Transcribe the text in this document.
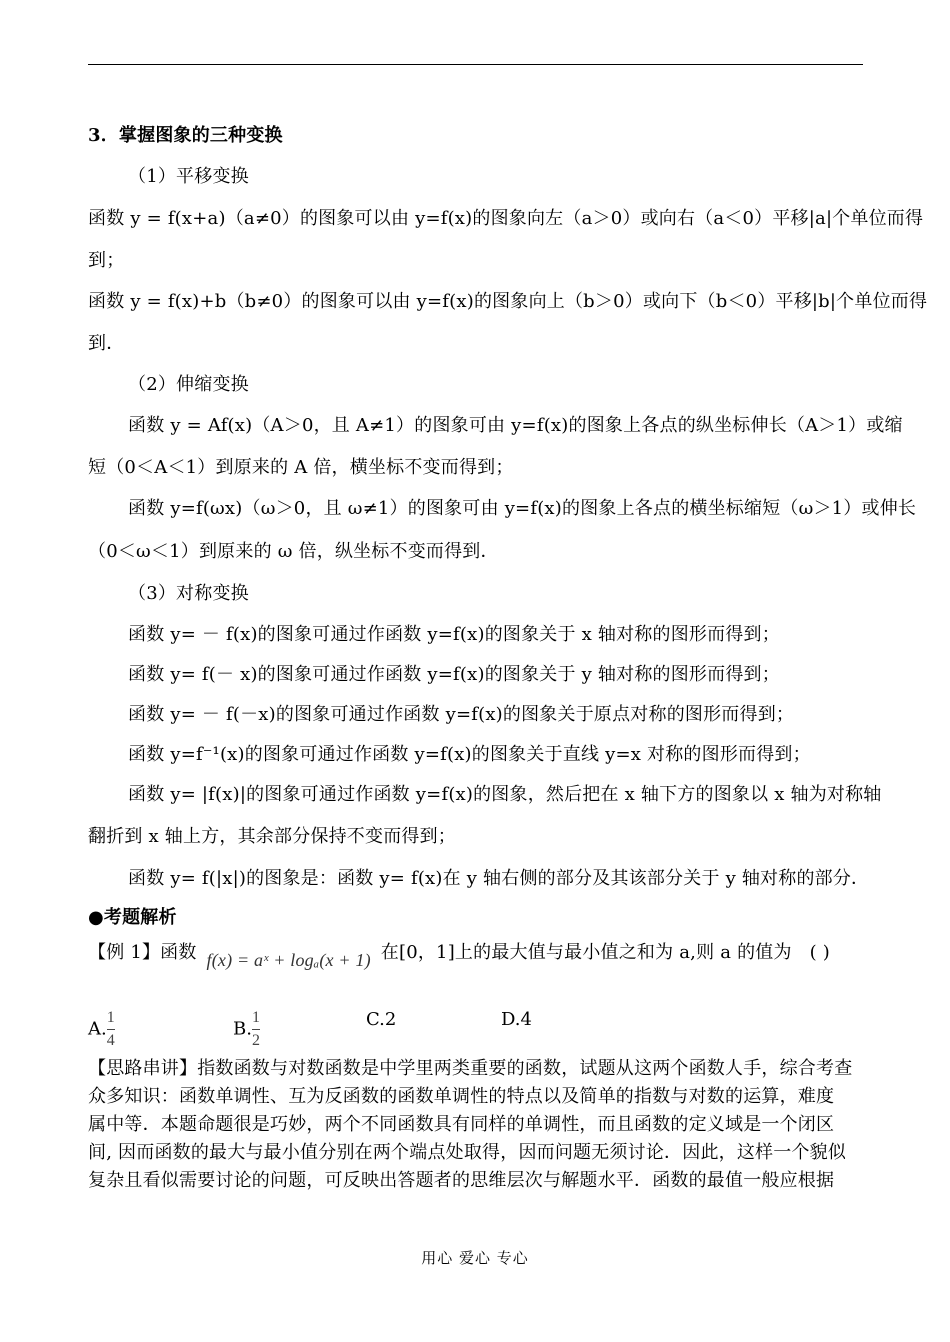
3．掌握图象的三种变换
（1）平移变换
函数 y = f(x+a)（a≠0）的图象可以由 y=f(x)的图象向左（a＞0）或向右（a＜0）平移|a|个单位而得
到；
函数 y = f(x)+b（b≠0）的图象可以由 y=f(x)的图象向上（b＞0）或向下（b＜0）平移|b|个单位而得
到．
（2）伸缩变换
函数 y = Af(x)（A＞0，且 A≠1）的图象可由 y=f(x)的图象上各点的纵坐标伸长（A＞1）或缩
短（0＜A＜1）到原来的 A 倍，横坐标不变而得到；
函数 y=f(ωx)（ω＞0，且 ω≠1）的图象可由 y=f(x)的图象上各点的横坐标缩短（ω＞1）或伸长
（0＜ω＜1）到原来的 ω 倍，纵坐标不变而得到．
（3）对称变换
函数 y= － f(x)的图象可通过作函数 y=f(x)的图象关于 x 轴对称的图形而得到；
函数 y= f(－ x)的图象可通过作函数 y=f(x)的图象关于 y 轴对称的图形而得到；
函数 y= － f(－x)的图象可通过作函数 y=f(x)的图象关于原点对称的图形而得到；
函数 y=f⁻¹(x)的图象可通过作函数 y=f(x)的图象关于直线 y=x 对称的图形而得到；
函数 y= |f(x)|的图象可通过作函数 y=f(x)的图象，然后把在 x 轴下方的图象以 x 轴为对称轴
翻折到 x 轴上方，其余部分保持不变而得到；
函数 y= f(|x|)的图象是：函数 y= f(x)在 y 轴右侧的部分及其该部分关于 y 轴对称的部分．
●考题解析
【例 1】函数 f(x) = aˣ + logₐ(x + 1) 在[0，1]上的最大值与最小值之和为 a,则 a 的值为 ( )
A. $\frac{1}{4}$	B. $\frac{1}{2}$	C.2	D.4
【思路串讲】指数函数与对数函数是中学里两类重要的函数，试题从这两个函数人手，综合考查
众多知识：函数单调性、互为反函数的函数单调性的特点以及简单的指数与对数的运算，难度
属中等．本题命题很是巧妙，两个不同函数具有同样的单调性，而且函数的定义域是一个闭区
间, 因而函数的最大与最小值分别在两个端点处取得，因而问题无须讨论．因此，这样一个貌似
复杂且看似需要讨论的问题，可反映出答题者的思维层次与解题水平．函数的最值一般应根据
用心 爱心 专心
